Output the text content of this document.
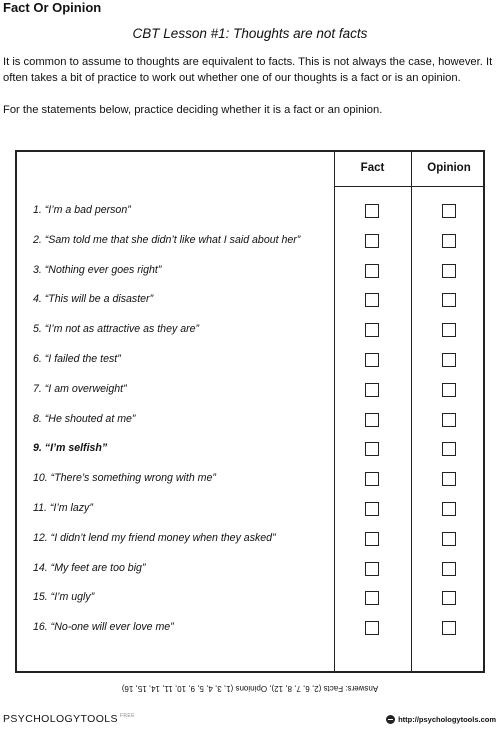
Fact Or Opinion
CBT Lesson #1: Thoughts are not facts

It is common to assume to thoughts are equivalent to facts. This is not always the case, however. It often takes a bit of practice to work out whether one of our thoughts is a fact or is an opinion.

For the statements below, practice deciding whether it is a fact or an opinion.

Fact	Opinion
1. “I’m a bad person”
2. “Sam told me that she didn’t like what I said about her”
3. “Nothing ever goes right”
4. “This will be a disaster”
5. “I’m not as attractive as they are”
6. “I failed the test”
7. “I am overweight”
8. “He shouted at me”
9. “I’m selfish”
10. “There’s something wrong with me”
11. “I’m lazy”
12. “I didn’t lend my friend money when they asked”
14. “My feet are too big”
15. “I’m ugly”
16. “No-one will ever love me”
Answers: Facts (2, 6, 7, 8, 12), Opinions (1, 3, 4, 5, 9, 10, 11, 14, 15, 16)
PSYCHOLOGYTOOLS $^{FREE}$	http://psychologytools.com
